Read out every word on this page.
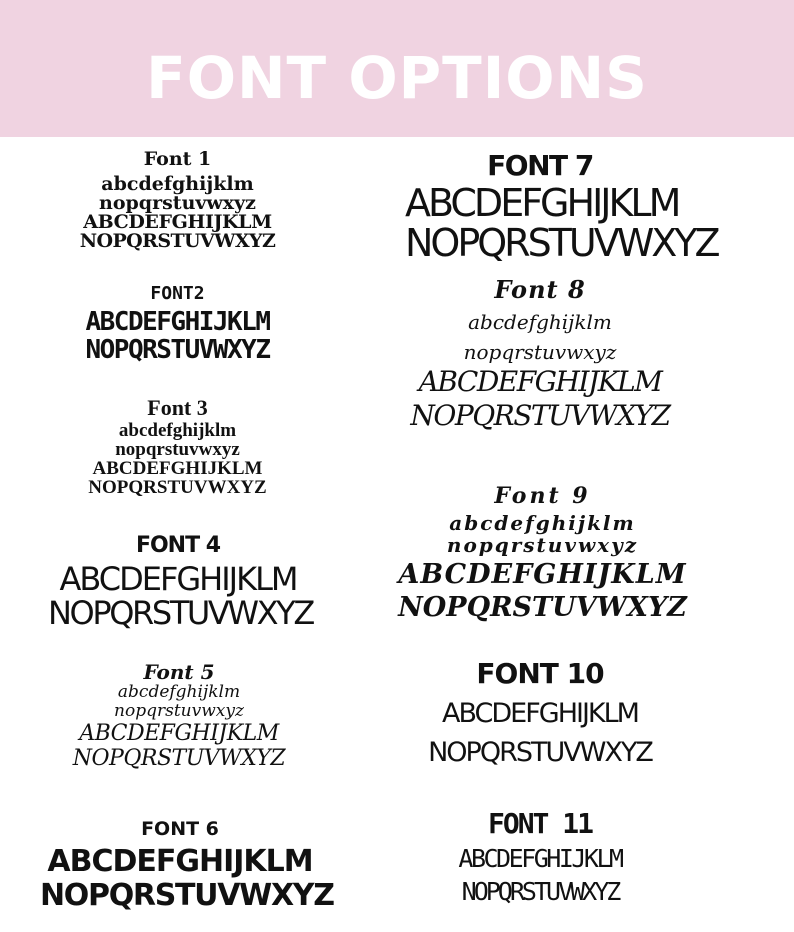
FONT OPTIONS
Font 1
abcdefghijklm
nopqrstuvwxyz
ABCDEFGHIJKLM
NOPQRSTUVWXYZ
FONT2
ABCDEFGHIJKLM
NOPQRSTUVWXYZ
Font 3
abcdefghijklm
nopqrstuvwxyz
ABCDEFGHIJKLM
NOPQRSTUVWXYZ
FONT 4
ABCDEFGHIJKLM
NOPQRSTUVWXYZ
Font 5
abcdefghijklm
nopqrstuvwxyz
ABCDEFGHIJKLM
NOPQRSTUVWXYZ
FONT 6
ABCDEFGHIJKLM
NOPQRSTUVWXYZ
FONT 7
ABCDEFGHIJKLM
NOPQRSTUVWXYZ
Font 8
abcdefghijklm
nopqrstuvwxyz
ABCDEFGHIJKLM
NOPQRSTUVWXYZ
Font 9
abcdefghijklm
nopqrstuvwxyz
ABCDEFGHIJKLM
NOPQRSTUVWXYZ
FONT 10
ABCDEFGHIJKLM
NOPQRSTUVWXYZ
FONT 11
ABCDEFGHIJKLM
NOPQRSTUVWXYZ
